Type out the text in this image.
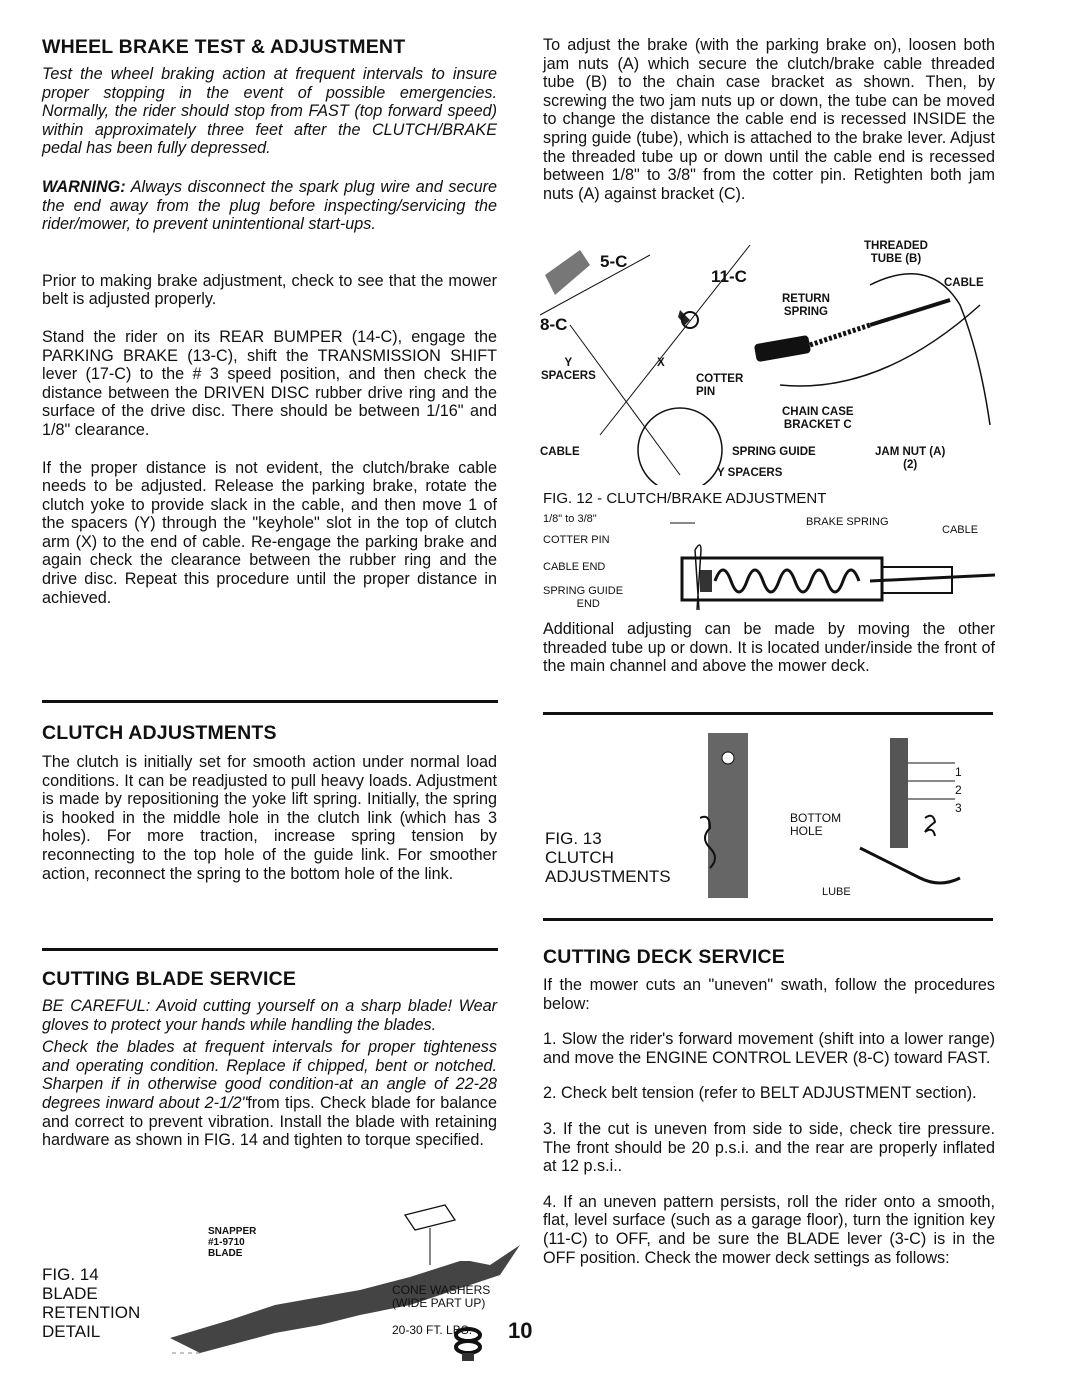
WHEEL BRAKE TEST & ADJUSTMENT

Test the wheel braking action at frequent intervals to insure proper stopping in the event of possible emergencies. Normally, the rider should stop from FAST (top forward speed) within approximately three feet after the CLUTCH/BRAKE pedal has been fully depressed.

WARNING: Always disconnect the spark plug wire and secure the end away from the plug before inspecting/servicing the rider/mower, to prevent unintentional start-ups.

Prior to making brake adjustment, check to see that the mower belt is adjusted properly.

Stand the rider on its REAR BUMPER (14-C), engage the PARKING BRAKE (13-C), shift the TRANSMISSION SHIFT lever (17-C) to the # 3 speed position, and then check the distance between the DRIVEN DISC rubber drive ring and the surface of the drive disc. There should be between 1/16" and 1/8" clearance.

If the proper distance is not evident, the clutch/brake cable needs to be adjusted. Release the parking brake, rotate the clutch yoke to provide slack in the cable, and then move 1 of the spacers (Y) through the "keyhole" slot in the top of clutch arm (X) to the end of cable. Re-engage the parking brake and again check the clearance between the rubber ring and the drive disc. Repeat this procedure until the proper distance in achieved.

CLUTCH ADJUSTMENTS

The clutch is initially set for smooth action under normal load conditions. It can be readjusted to pull heavy loads. Adjustment is made by repositioning the yoke lift spring. Initially, the spring is hooked in the middle hole in the clutch link (which has 3 holes). For more traction, increase spring tension by reconnecting to the top hole of the guide link. For smoother action, reconnect the spring to the bottom hole of the link.

CUTTING BLADE SERVICE

BE CAREFUL: Avoid cutting yourself on a sharp blade! Wear gloves to protect your hands while handling the blades.

Check the blades at frequent intervals for proper tighteness and operating condition. Replace if chipped, bent or notched. Sharpen if in otherwise good condition-at an angle of 22-28 degrees inward about 2-1/2"from tips. Check blade for balance and correct to prevent vibration. Install the blade with retaining hardware as shown in FIG. 14 and tighten to torque specified.

SNAPPER
#1-9710
BLADE
CONE WASHERS
(WIDE PART UP)
20-30 FT. LBS.
FIG. 14
BLADE
RETENTION
DETAIL	10

To adjust the brake (with the parking brake on), loosen both jam nuts (A) which secure the clutch/brake cable threaded tube (B) to the chain case bracket as shown. Then, by screwing the two jam nuts up or down, the tube can be moved to change the distance the cable end is recessed INSIDE the spring guide (tube), which is attached to the brake lever. Adjust the threaded tube up or down until the cable end is recessed between 1/8" to 3/8" from the cotter pin. Retighten both jam nuts (A) against bracket (C).

5-C
11-C
8-C
THREADED
TUBE (B)
CABLE
RETURN
SPRING
Y
SPACERS
X
COTTER
PIN
CHAIN CASE
BRACKET C
CABLE	SPRING GUIDE	JAM NUT (A)
(2)
Y SPACERS
FIG. 12 - CLUTCH/BRAKE ADJUSTMENT
1/8" to 3/8"
COTTER PIN
CABLE END
SPRING GUIDE
END
BRAKE SPRING
CABLE

Additional adjusting can be made by moving the other threaded tube up or down. It is located under/inside the front of the main channel and above the mower deck.

1
2
3
BOTTOM
HOLE
LUBE
FIG. 13
CLUTCH
ADJUSTMENTS
CUTTING DECK SERVICE

If the mower cuts an "uneven" swath, follow the procedures below:

1. Slow the rider's forward movement (shift into a lower range) and move the ENGINE CONTROL LEVER (8-C) toward FAST.

2. Check belt tension (refer to BELT ADJUSTMENT section).

3. If the cut is uneven from side to side, check tire pressure. The front should be 20 p.s.i. and the rear are properly inflated at 12 p.s.i..

4. If an uneven pattern persists, roll the rider onto a smooth, flat, level surface (such as a garage floor), turn the ignition key (11-C) to OFF, and be sure the BLADE lever (3-C) is in the OFF position. Check the mower deck settings as follows:
